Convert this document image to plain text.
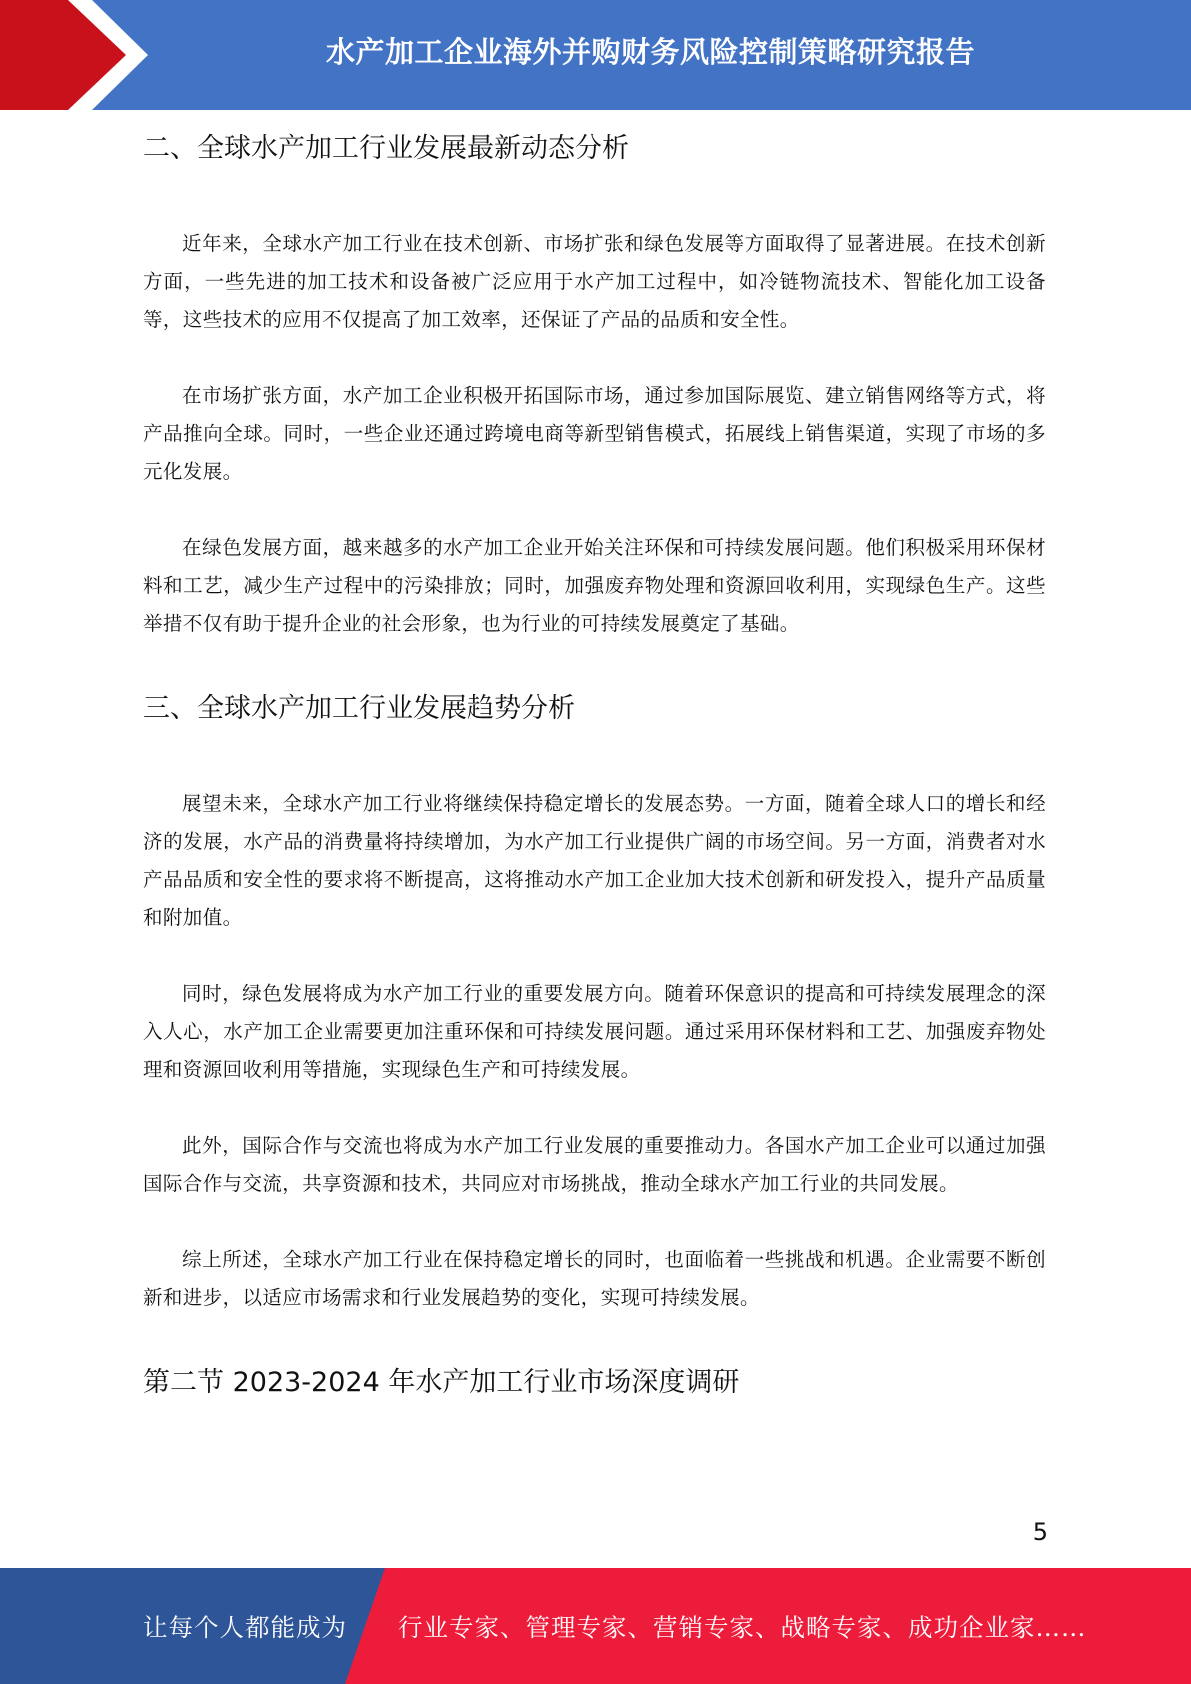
水产加工企业海外并购财务风险控制策略研究报告
二、全球水产加工行业发展最新动态分析

近年来，全球水产加工行业在技术创新、市场扩张和绿色发展等方面取得了显著进展。在技术创新方面，一些先进的加工技术和设备被广泛应用于水产加工过程中，如冷链物流技术、智能化加工设备等，这些技术的应用不仅提高了加工效率，还保证了产品的品质和安全性。

在市场扩张方面，水产加工企业积极开拓国际市场，通过参加国际展览、建立销售网络等方式，将产品推向全球。同时，一些企业还通过跨境电商等新型销售模式，拓展线上销售渠道，实现了市场的多元化发展。

在绿色发展方面，越来越多的水产加工企业开始关注环保和可持续发展问题。他们积极采用环保材料和工艺，减少生产过程中的污染排放；同时，加强废弃物处理和资源回收利用，实现绿色生产。这些举措不仅有助于提升企业的社会形象，也为行业的可持续发展奠定了基础。

三、全球水产加工行业发展趋势分析

展望未来，全球水产加工行业将继续保持稳定增长的发展态势。一方面，随着全球人口的增长和经济的发展，水产品的消费量将持续增加，为水产加工行业提供广阔的市场空间。另一方面，消费者对水产品品质和安全性的要求将不断提高，这将推动水产加工企业加大技术创新和研发投入，提升产品质量和附加值。

同时，绿色发展将成为水产加工行业的重要发展方向。随着环保意识的提高和可持续发展理念的深入人心，水产加工企业需要更加注重环保和可持续发展问题。通过采用环保材料和工艺、加强废弃物处理和资源回收利用等措施，实现绿色生产和可持续发展。

此外，国际合作与交流也将成为水产加工行业发展的重要推动力。各国水产加工企业可以通过加强国际合作与交流，共享资源和技术，共同应对市场挑战，推动全球水产加工行业的共同发展。

综上所述，全球水产加工行业在保持稳定增长的同时，也面临着一些挑战和机遇。企业需要不断创新和进步，以适应市场需求和行业发展趋势的变化，实现可持续发展。

第二节 2023-2024 年水产加工行业市场深度调研
5
让每个人都能成为 行业专家、管理专家、营销专家、战略专家、成功企业家……
